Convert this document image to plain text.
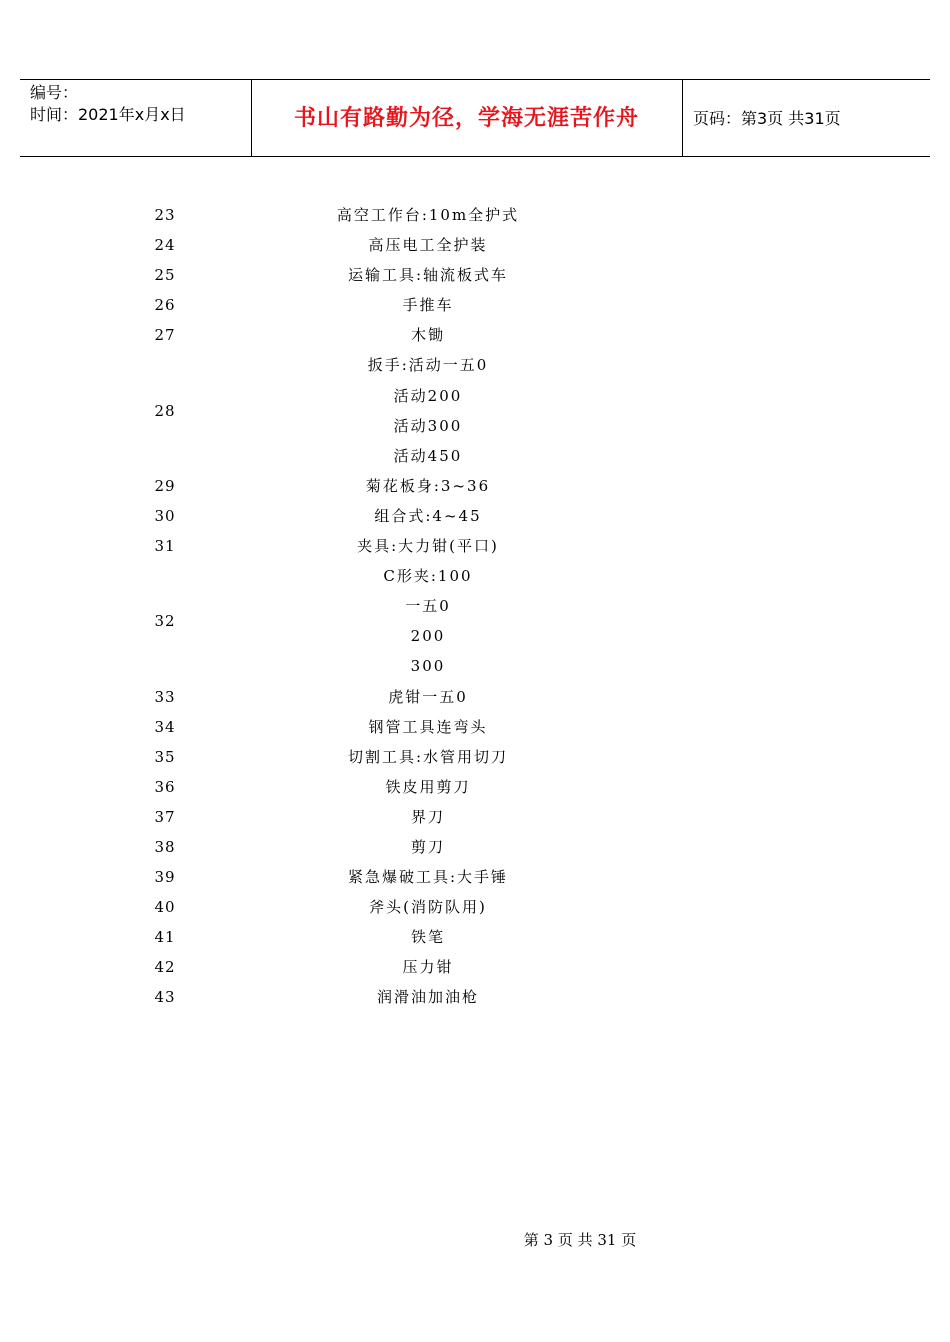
编号：
时间：2021年x月x日	书山有路勤为径，学海无涯苦作舟	页码：第3页 共31页
23	高空工作台:10m全护式
24	高压电工全护装
25	运输工具:轴流板式车
26	手推车
27	木锄
28
扳手:活动一五0
活动200
活动300
活动450
29	菊花板身:3~36
30	组合式:4~45
31	夹具:大力钳(平口)
32
C形夹:100
一五0
200
300
33	虎钳一五0
34	钢管工具连弯头
35	切割工具:水管用切刀
36	铁皮用剪刀
37	界刀
38	剪刀
39	紧急爆破工具:大手锤
40	斧头(消防队用)
41	铁笔
42	压力钳
43	润滑油加油枪
第 3 页 共 31 页
